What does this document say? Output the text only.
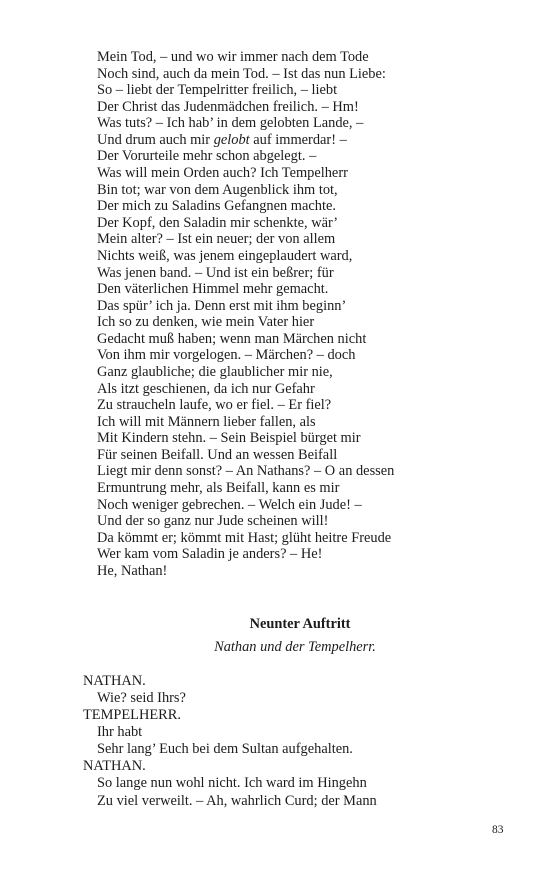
Mein Tod, – und wo wir immer nach dem Tode
Noch sind, auch da mein Tod. – Ist das nun Liebe:
So – liebt der Tempelritter freilich, – liebt
Der Christ das Judenmädchen freilich. – Hm!
Was tuts? – Ich hab’ in dem gelobten Lande, –
Und drum auch mir gelobt auf immerdar! –
Der Vorurteile mehr schon abgelegt. –
Was will mein Orden auch? Ich Tempelherr
Bin tot; war von dem Augenblick ihm tot,
Der mich zu Saladins Gefangnen machte.
Der Kopf, den Saladin mir schenkte, wär’
Mein alter? – Ist ein neuer; der von allem
Nichts weiß, was jenem eingeplaudert ward,
Was jenen band. – Und ist ein beßrer; für
Den väterlichen Himmel mehr gemacht.
Das spür’ ich ja. Denn erst mit ihm beginn’
Ich so zu denken, wie mein Vater hier
Gedacht muß haben; wenn man Märchen nicht
Von ihm mir vorgelogen. – Märchen? – doch
Ganz glaubliche; die glaublicher mir nie,
Als itzt geschienen, da ich nur Gefahr
Zu straucheln laufe, wo er fiel. – Er fiel?
Ich will mit Männern lieber fallen, als
Mit Kindern stehn. – Sein Beispiel bürget mir
Für seinen Beifall. Und an wessen Beifall
Liegt mir denn sonst? – An Nathans? – O an dessen
Ermuntrung mehr, als Beifall, kann es mir
Noch weniger gebrechen. – Welch ein Jude! –
Und der so ganz nur Jude scheinen will!
Da kömmt er; kömmt mit Hast; glüht heitre Freude
Wer kam vom Saladin je anders? – He!
He, Nathan!
Neunter Auftritt
Nathan und der Tempelherr.
NATHAN.
Wie? seid Ihrs?
TEMPELHERR.
Ihr habt
Sehr lang’ Euch bei dem Sultan aufgehalten.
NATHAN.
So lange nun wohl nicht. Ich ward im Hingehn
Zu viel verweilt. – Ah, wahrlich Curd; der Mann
83
